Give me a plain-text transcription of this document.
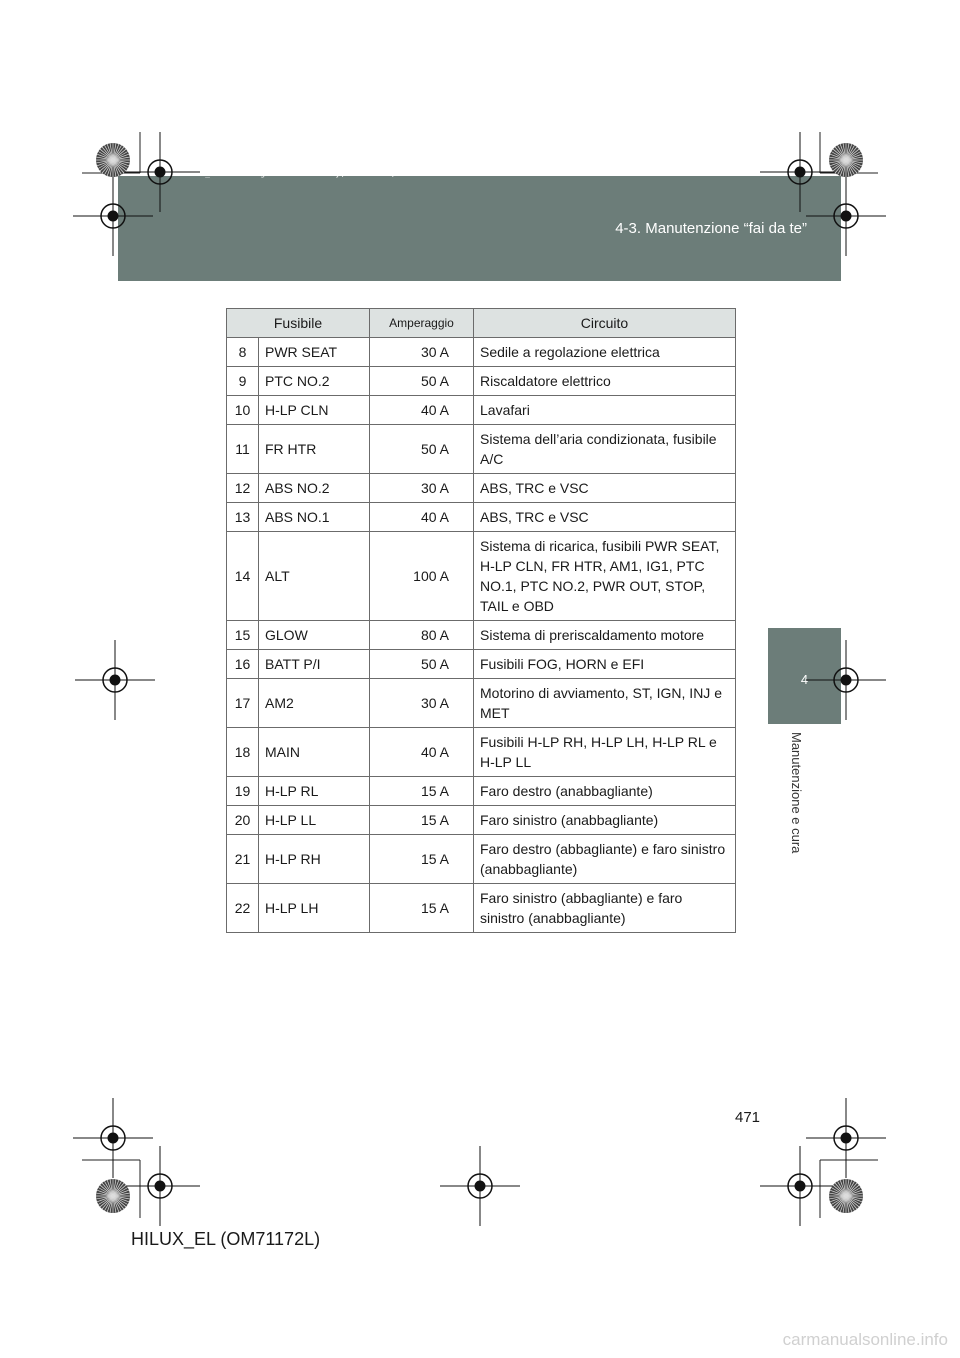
HILUX_EL.book Page 471 Wednesday, March 23, 2011 3:30 PM
4-3. Manutenzione “fai da te”
4
Manutenzione e cura
Fusibile		Amperaggio	Circuito
8	PWR SEAT	30 A	Sedile a regolazione elettrica
9	PTC NO.2	50 A	Riscaldatore elettrico
10	H-LP CLN	40 A	Lavafari
11	FR HTR	50 A	Sistema dell’aria condizionata, fusibile A/C
12	ABS NO.2	30 A	ABS, TRC e VSC
13	ABS NO.1	40 A	ABS, TRC e VSC
14	ALT	100 A	Sistema di ricarica, fusibili PWR SEAT, H-LP CLN, FR HTR, AM1, IG1, PTC NO.1, PTC NO.2, PWR OUT, STOP, TAIL e OBD
15	GLOW	80 A	Sistema di preriscaldamento motore
16	BATT P/I	50 A	Fusibili FOG, HORN e EFI
17	AM2	30 A	Motorino di avviamento, ST, IGN, INJ e MET
18	MAIN	40 A	Fusibili H-LP RH, H-LP LH, H-LP RL e H-LP LL
19	H-LP RL	15 A	Faro destro (anabbagliante)
20	H-LP LL	15 A	Faro sinistro (anabbagliante)
21	H-LP RH	15 A	Faro destro (abbagliante) e faro sinistro (anabbagliante)
22	H-LP LH	15 A	Faro sinistro (abbagliante) e faro sinistro (anabbagliante)
471
HILUX_EL (OM71172L)
carmanualsonline.info
